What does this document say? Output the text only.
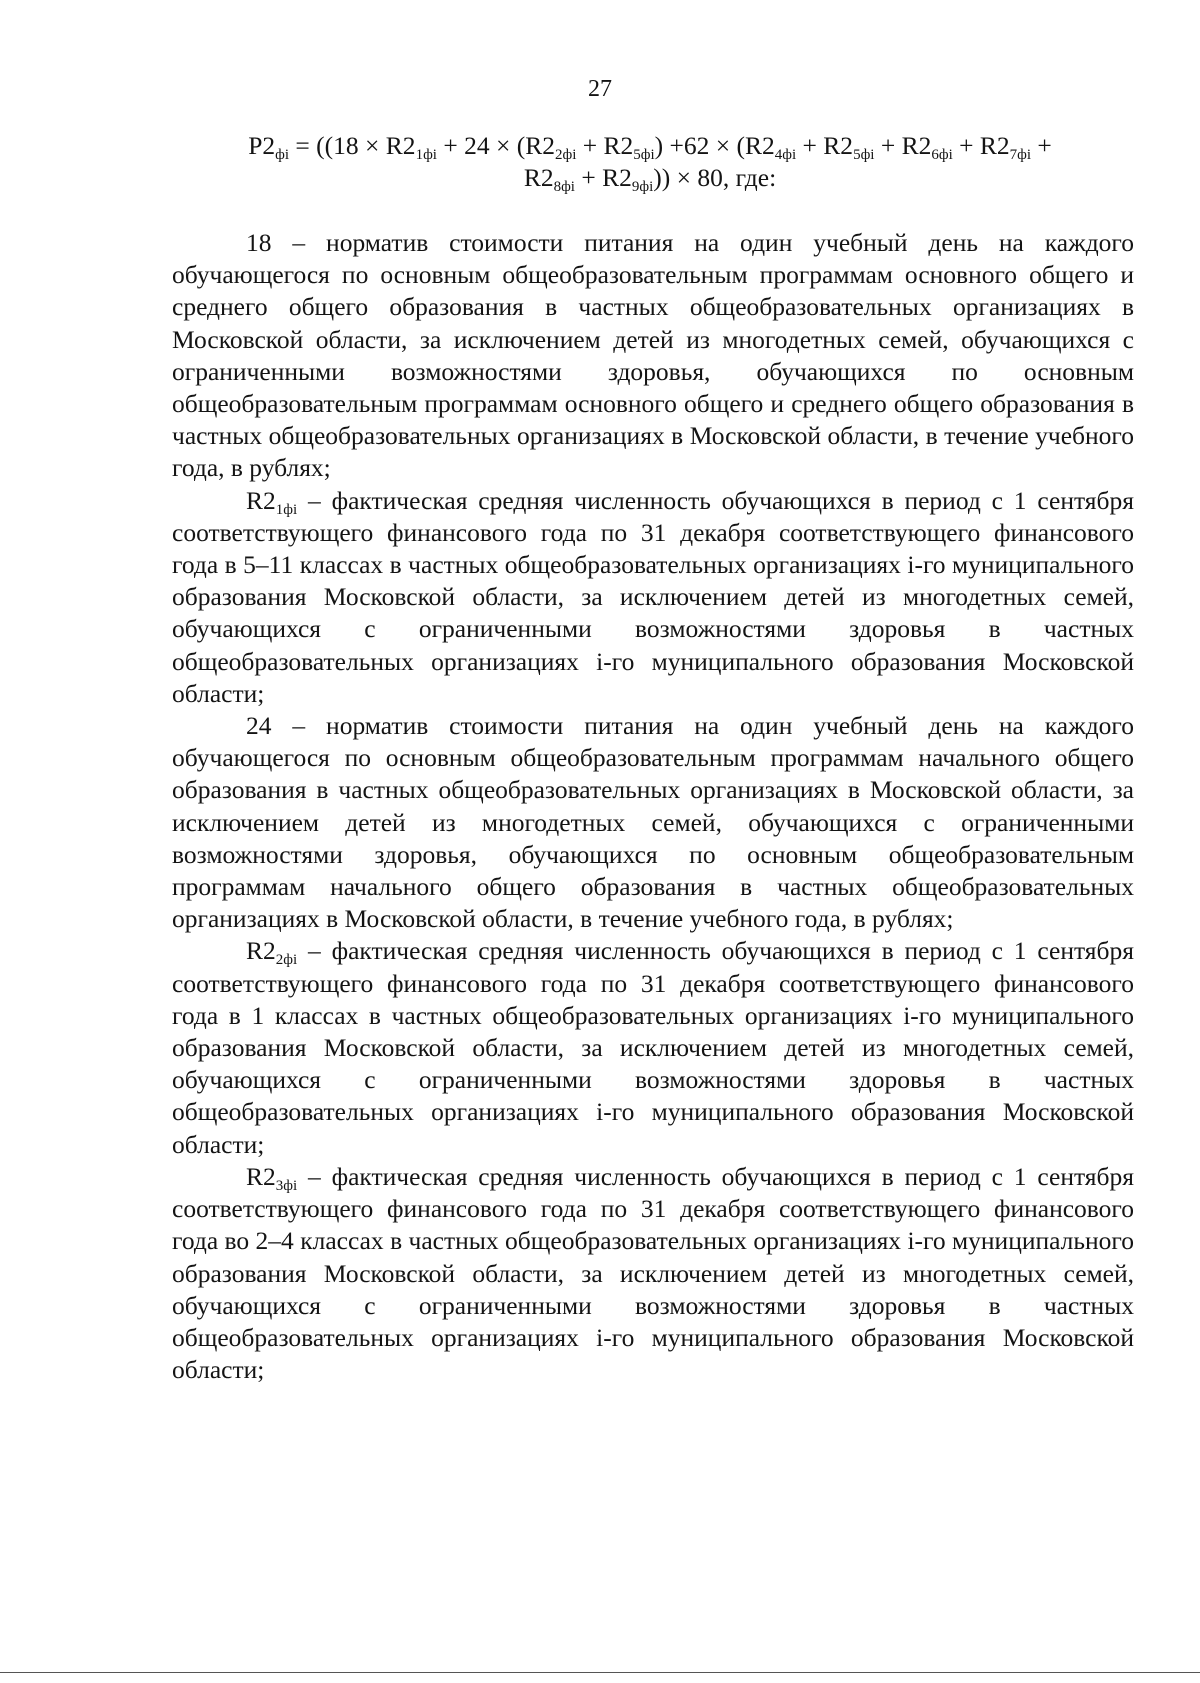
27
$P2_{фi} = ((18 \times R2_{1фi} + 24 \times (R2_{2фi} + R2_{5фi}) +62 \times (R2_{4фi} + R2_{5фi} + R2_{6фi} + R2_{7фi}$ +
$R2_{8фi} + R2_{9фi})) \times 80$, где:

18 – норматив стоимости питания на один учебный день на каждого обучающегося по основным общеобразовательным программам основного общего и среднего общего образования в частных общеобразовательных организациях в Московской области, за исключением детей из многодетных семей, обучающихся с ограниченными возможностями здоровья, обучающихся по основным общеобразовательным программам основного общего и среднего общего образования в частных общеобразовательных организациях в Московской области, в течение учебного года, в рублях;

$R2_{1фi}$ – фактическая средняя численность обучающихся в период с 1 сентября соответствующего финансового года по 31 декабря соответствующего финансового года в 5–11 классах в частных общеобразовательных организациях i-го муниципального образования Московской области, за исключением детей из многодетных семей, обучающихся с ограниченными возможностями здоровья в частных общеобразовательных организациях i-го муниципального образования Московской области;

24 – норматив стоимости питания на один учебный день на каждого обучающегося по основным общеобразовательным программам начального общего образования в частных общеобразовательных организациях в Московской области, за исключением детей из многодетных семей, обучающихся с ограниченными возможностями здоровья, обучающихся по основным общеобразовательным программам начального общего образования в частных общеобразовательных организациях в Московской области, в течение учебного года, в рублях;

$R2_{2фi}$ – фактическая средняя численность обучающихся в период с 1 сентября соответствующего финансового года по 31 декабря соответствующего финансового года в 1 классах в частных общеобразовательных организациях i-го муниципального образования Московской области, за исключением детей из многодетных семей, обучающихся с ограниченными возможностями здоровья в частных общеобразовательных организациях i-го муниципального образования Московской области;

$R2_{3фi}$ – фактическая средняя численность обучающихся в период с 1 сентября соответствующего финансового года по 31 декабря соответствующего финансового года во 2–4 классах в частных общеобразовательных организациях i-го муниципального образования Московской области, за исключением детей из многодетных семей, обучающихся с ограниченными возможностями здоровья в частных общеобразовательных организациях i-го муниципального образования Московской области;
